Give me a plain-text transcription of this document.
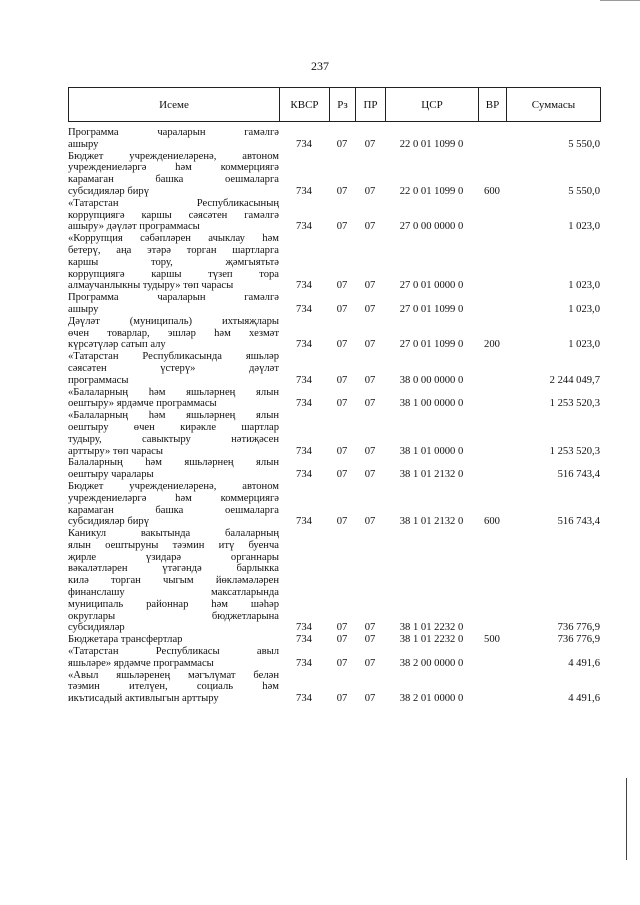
237
Исеме	КВСР	Рз	ПР	ЦСР	ВР	Суммасы
Программа чараларын гамәлгә
ашыру	734	07	07	22 0 01 1099 0	5 550,0
Бюджет учреждениеләренә, автоном
учреждениеләргә һәм коммерциягә
карамаган башка оешмаларга
субсидияләр бирү	734	07	07	22 0 01 1099 0	600	5 550,0
«Татарстан Республикасының
коррупциягә каршы сәясәтен гамәлгә
ашыру» дәүләт программасы	734	07	07	27 0 00 0000 0	1 023,0
«Коррупция сәбәпләрен ачыклау һәм
бетерү, аңа этәрә торган шартларга
каршы тору, җәмгыятьтә
коррупциягә каршы түзеп тора
алмаучанлыкны тудыру» төп чарасы	734	07	07	27 0 01 0000 0	1 023,0
Программа чараларын гамәлгә
ашыру	734	07	07	27 0 01 1099 0	1 023,0
Дәүләт (муниципаль) ихтыяҗлары
өчен товарлар, эшләр һәм хезмәт
күрсәтүләр сатып алу	734	07	07	27 0 01 1099 0	200	1 023,0
«Татарстан Республикасында яшьләр
сәясәтен үстерү» дәүләт
программасы	734	07	07	38 0 00 0000 0	2 244 049,7
«Балаларның һәм яшьләрнең ялын
оештыру» ярдәмче программасы	734	07	07	38 1 00 0000 0	1 253 520,3
«Балаларның һәм яшьләрнең ялын
оештыру өчен кирәкле шартлар
тудыру, савыктыру нәтиҗәсен
арттыру» төп чарасы	734	07	07	38 1 01 0000 0	1 253 520,3
Балаларның һәм яшьләрнең ялын
оештыру чаралары	734	07	07	38 1 01 2132 0	516 743,4
Бюджет учреждениеләренә, автоном
учреждениеләргә һәм коммерциягә
карамаган башка оешмаларга
субсидияләр бирү	734	07	07	38 1 01 2132 0	600	516 743,4
Каникул вакытында балаларның
ялын оештыруны тәэмин итү буенча
җирле үзидарә органнары
вәкаләтләрен үтәгәндә барлыкка
килә торган чыгым йөкләмәләрен
финанслашу максатларында
муниципаль районнар һәм шәһәр
округлары бюджетларына
субсидияләр	734	07	07	38 1 01 2232 0	736 776,9
Бюджетара трансфертлар	734	07	07	38 1 01 2232 0	500	736 776,9
«Татарстан Республикасы авыл
яшьләре» ярдәмче программасы	734	07	07	38 2 00 0000 0	4 491,6
«Авыл яшьләренең мәгълүмат белән
тәэмин ителүен, социаль һәм
икътисадый активлыгын арттыру	734	07	07	38 2 01 0000 0	4 491,6
